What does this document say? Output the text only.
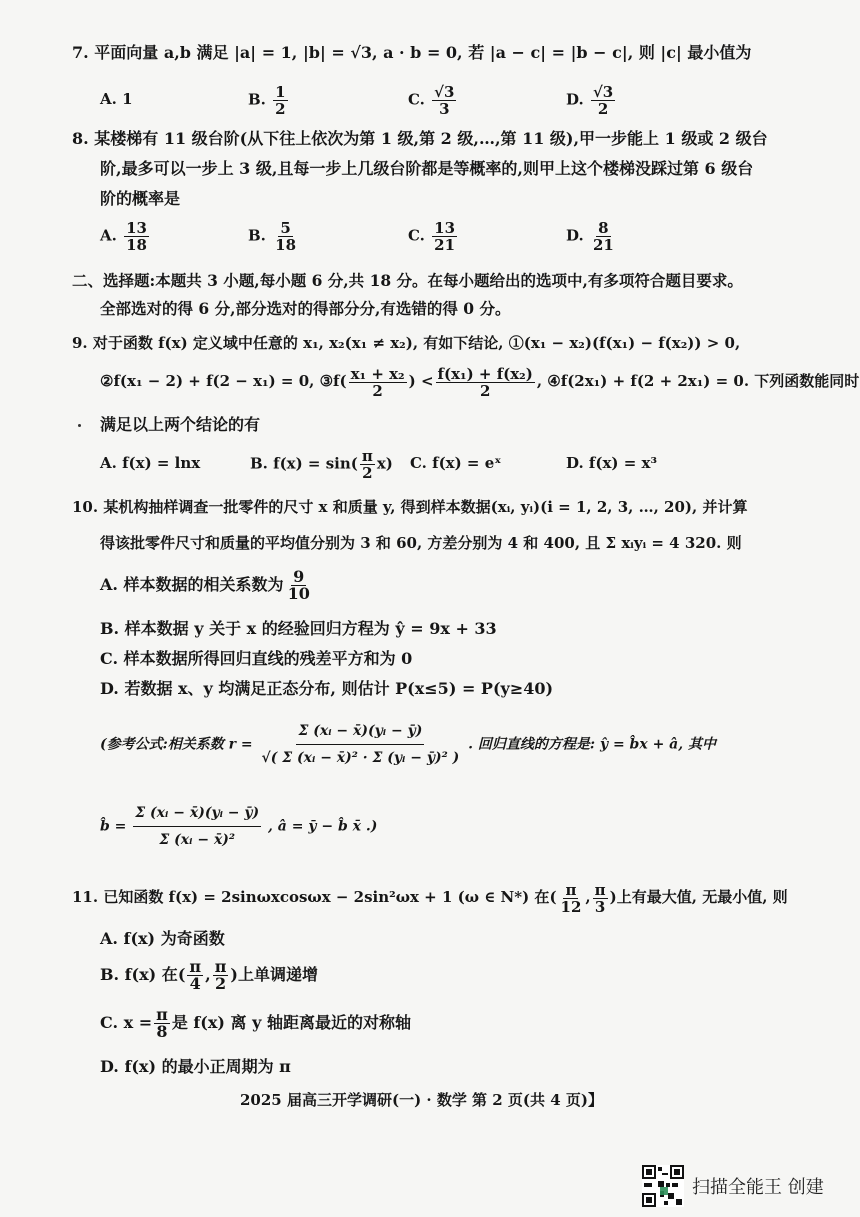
7. 平面向量 a,b 满足 |a| = 1, |b| = √3, a · b = 0, 若 |a − c| = |b − c|, 则 |c| 最小值为
A. 1	B. $\frac{1}{2}$	C. $\frac{√3}{3}$	D. $\frac{√3}{2}$
8. 某楼梯有 11 级台阶(从下往上依次为第 1 级,第 2 级,…,第 11 级),甲一步能上 1 级或 2 级台
阶,最多可以一步上 3 级,且每一步上几级台阶都是等概率的,则甲上这个楼梯没踩过第 6 级台
阶的概率是
A. $\frac{13}{18}$	B. $\frac{5}{18}$	C. $\frac{13}{21}$	D. $\frac{8}{21}$
二、选择题:本题共 3 小题,每小题 6 分,共 18 分。在每小题给出的选项中,有多项符合题目要求。
全部选对的得 6 分,部分选对的得部分分,有选错的得 0 分。
9. 对于函数 f(x) 定义域中任意的 x₁, x₂(x₁ ≠ x₂), 有如下结论, ①(x₁ − x₂)(f(x₁) − f(x₂)) > 0,
②f(x₁ − 2) + f(2 − x₁) = 0, ③f( $\frac{\text{x₁ + x₂}}{2}$ ) < $\frac{\text{f(x₁) + f(x₂)}}{2}$ , ④f(2x₁) + f(2 + 2x₁) = 0. 下列函数能同时
满足以上两个结论的有
A. f(x) = lnx	B. $f(x) = \sin( \frac{\pi}{2} x)$ C. f(x) = eˣ	D. f(x) = x³
10. 某机构抽样调查一批零件的尺寸 x 和质量 y, 得到样本数据(xᵢ, yᵢ)(i = 1, 2, 3, …, 20), 并计算
得该批零件尺寸和质量的平均值分别为 3 和 60, 方差分别为 4 和 400, 且 Σ xᵢyᵢ = 4 320. 则
A. 样本数据的相关系数为 $\frac{9}{10}$
B. 样本数据 y 关于 x 的经验回归方程为 ŷ = 9x + 33
C. 样本数据所得回归直线的残差平方和为 0
D. 若数据 x、y 均满足正态分布, 则估计 P(x≤5) = P(y≥40)
(参考公式:相关系数 $r = \frac{\text{Σ (xᵢ − x̄)(yᵢ − ȳ)}}{\text{√( Σ (xᵢ − x̄)² · Σ (yᵢ − ȳ)² )}}$ . 回归直线的方程是: ŷ = b̂x + â, 其中
b̂ = $\frac{\text{Σ (xᵢ − x̄)(yᵢ − ȳ)}}{\text{Σ (xᵢ − x̄)²}}$ , â = ȳ − b̂ x̄ .)
11. 已知函数 f(x) = 2sinωxcosωx − 2sin²ωx + 1 (ω ∈ N*) 在( $\frac{\pi}{12}$ , $\frac{\pi}{3}$ )上有最大值, 无最小值, 则
A. f(x) 为奇函数
B. f(x) 在( $\frac{\pi}{4}$ , $\frac{\pi}{2}$ )上单调递增
C. $x = \frac{\pi}{8}$ 是 f(x) 离 y 轴距离最近的对称轴
D. f(x) 的最小正周期为 π
2025 届高三开学调研(一) · 数学 第 2 页(共 4 页)】
扫描全能王 创建
